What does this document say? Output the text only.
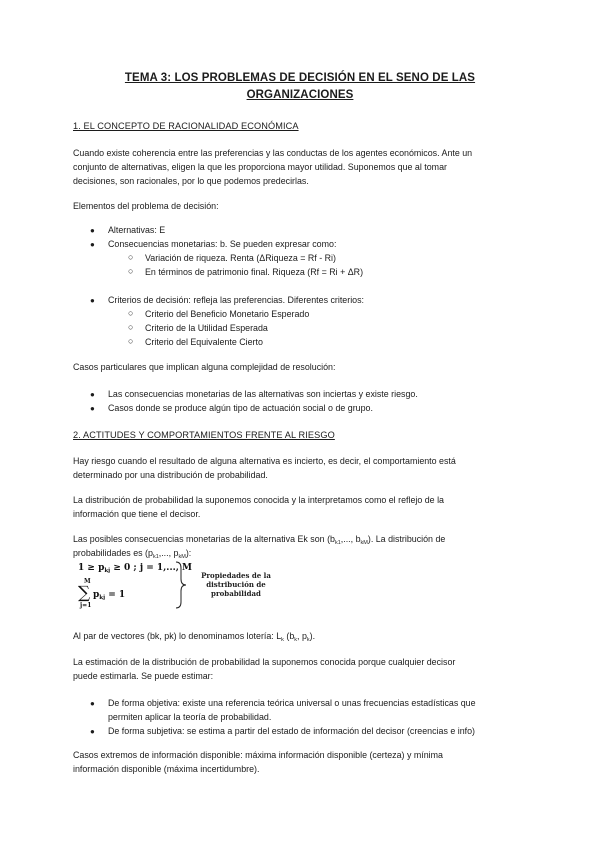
TEMA 3: LOS PROBLEMAS DE DECISIÓN EN EL SENO DE LAS
ORGANIZACIONES
1. EL CONCEPTO DE RACIONALIDAD ECONÓMICA
Cuando existe coherencia entre las preferencias y las conductas de los agentes económicos. Ante un
conjunto de alternativas, eligen la que les proporciona mayor utilidad. Suponemos que al tomar
decisiones, son racionales, por lo que podemos predecirlas.
Elementos del problema de decisión:
● Alternativas: E
● Consecuencias monetarias: b. Se pueden expresar como:
○ Variación de riqueza. Renta (ΔRiqueza = Rf - Ri)
○ En términos de patrimonio final. Riqueza (Rf = Ri + ΔR)
● Criterios de decisión: refleja las preferencias. Diferentes criterios:
○ Criterio del Beneficio Monetario Esperado
○ Criterio de la Utilidad Esperada
○ Criterio del Equivalente Cierto
Casos particulares que implican alguna complejidad de resolución:
● Las consecuencias monetarias de las alternativas son inciertas y existe riesgo.
● Casos donde se produce algún tipo de actuación social o de grupo.
2. ACTITUDES Y COMPORTAMIENTOS FRENTE AL RIESGO
Hay riesgo cuando el resultado de alguna alternativa es incierto, es decir, el comportamiento está
determinado por una distribución de probabilidad.
La distribución de probabilidad la suponemos conocida y la interpretamos como el reflejo de la
información que tiene el decisor.
Las posibles consecuencias monetarias de la alternativa Ek son ($b_{k1}$,..., $b_{kM}$). La distribución de
probabilidades es ($p_{k1}$,..., $p_{kM}$):
$1 \ge p_{kj} \ge 0$ ; j = 1,..., M
M
∑ $p_{kj} = 1$
j=1
Propiedades de la
distribución de
probabilidad
Al par de vectores (bk, pk) lo denominamos lotería: $L_k$ ($b_k$, $p_k$).
La estimación de la distribución de probabilidad la suponemos conocida porque cualquier decisor
puede estimarla. Se puede estimar:
● De forma objetiva: existe una referencia teórica universal o unas frecuencias estadísticas que
permiten aplicar la teoría de probabilidad.
● De forma subjetiva: se estima a partir del estado de información del decisor (creencias e info)
Casos extremos de información disponible: máxima información disponible (certeza) y mínima
información disponible (máxima incertidumbre).
